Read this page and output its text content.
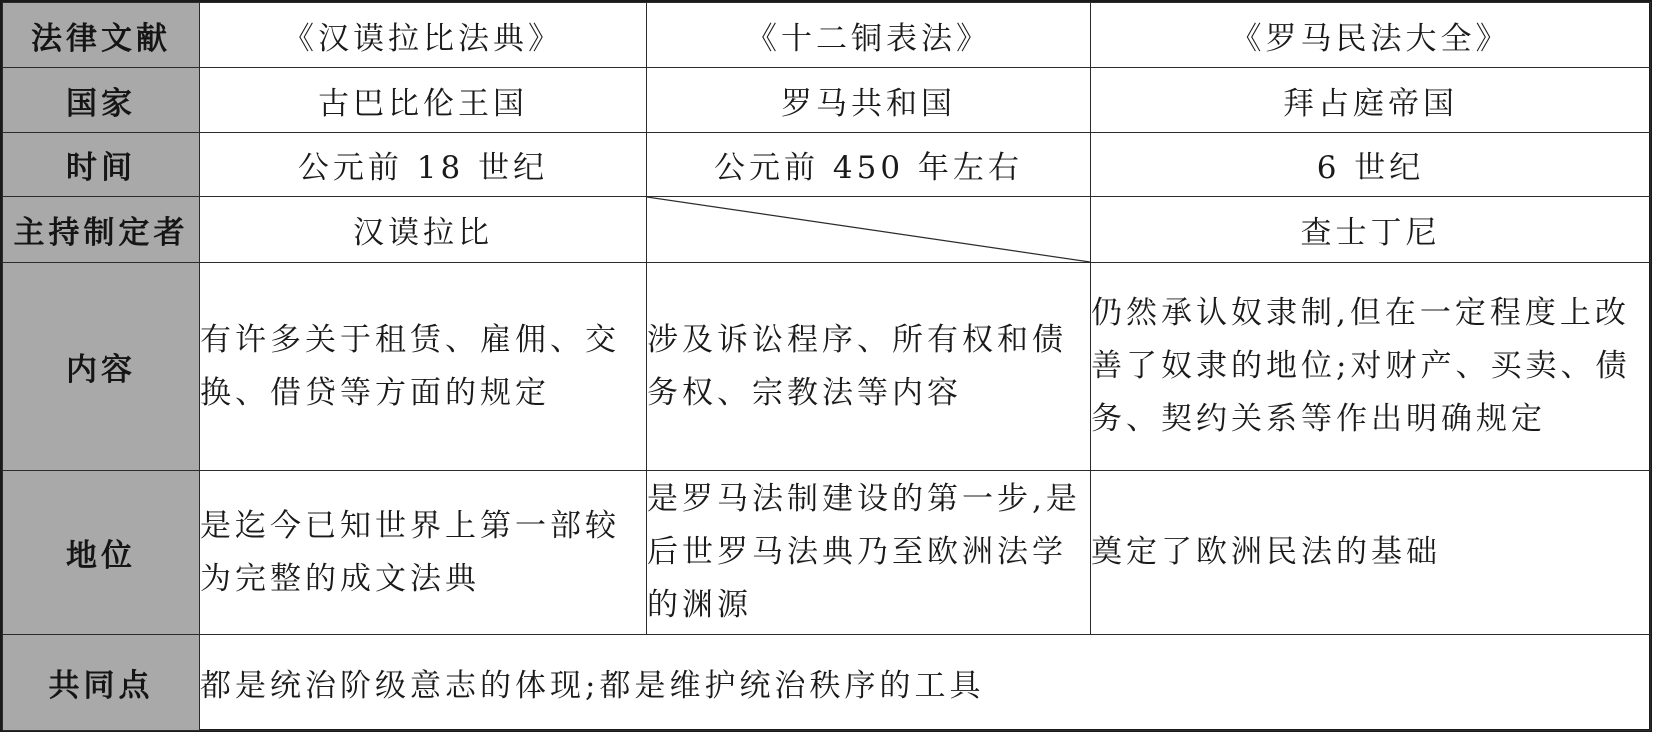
法律文献	《汉谟拉比法典》	《十二铜表法》	《罗马民法大全》
国家	古巴比伦王国	罗马共和国	拜占庭帝国
时间	公元前 18 世纪	公元前 450 年左右	6 世纪
主持制定者	汉谟拉比		查士丁尼
内容	有许多关于租赁、雇佣、交换、借贷等方面的规定	涉及诉讼程序、所有权和债务权、宗教法等内容	仍然承认奴隶制,但在一定程度上改善了奴隶的地位;对财产、买卖、债务、契约关系等作出明确规定
地位	是迄今已知世界上第一部较为完整的成文法典	是罗马法制建设的第一步,是后世罗马法典乃至欧洲法学的渊源	奠定了欧洲民法的基础
共同点	都是统治阶级意志的体现;都是维护统治秩序的工具		
